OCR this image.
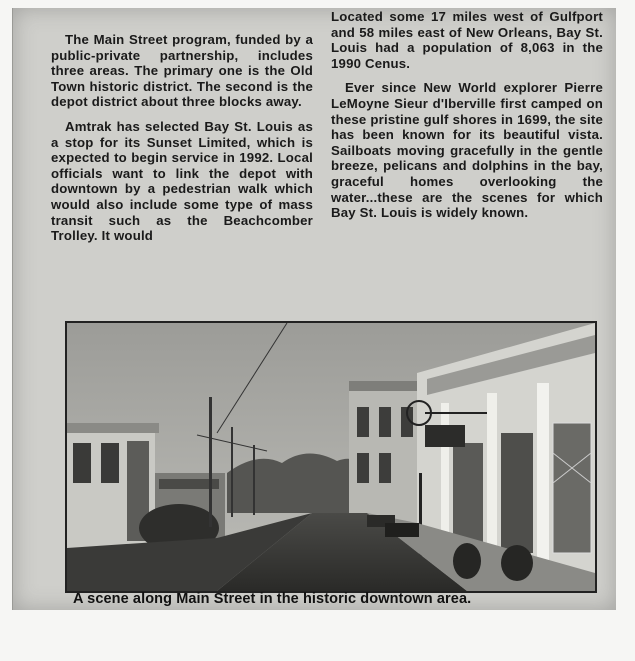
The Main Street program, funded by a public-private partnership, includes three areas. The primary one is the Old Town historic district. The second is the depot district about three blocks away.

Amtrak has selected Bay St. Louis as a stop for its Sunset Limited, which is expected to begin service in 1992. Local officials want to link the depot with downtown by a pedestrian walk which would also include some type of mass transit such as the Beachcomber Trolley. It would

Located some 17 miles west of Gulfport and 58 miles east of New Orleans, Bay St. Louis had a population of 8,063 in the 1990 Cenus.

Ever since New World explorer Pierre LeMoyne Sieur d'Iberville first camped on these pristine gulf shores in 1699, the site has been known for its beautiful vista. Sailboats moving gracefully in the gentle breeze, pelicans and dolphins in the bay, graceful homes overlooking the water...these are the scenes for which Bay St. Louis is widely known.

A scene along Main Street in the historic downtown area.
